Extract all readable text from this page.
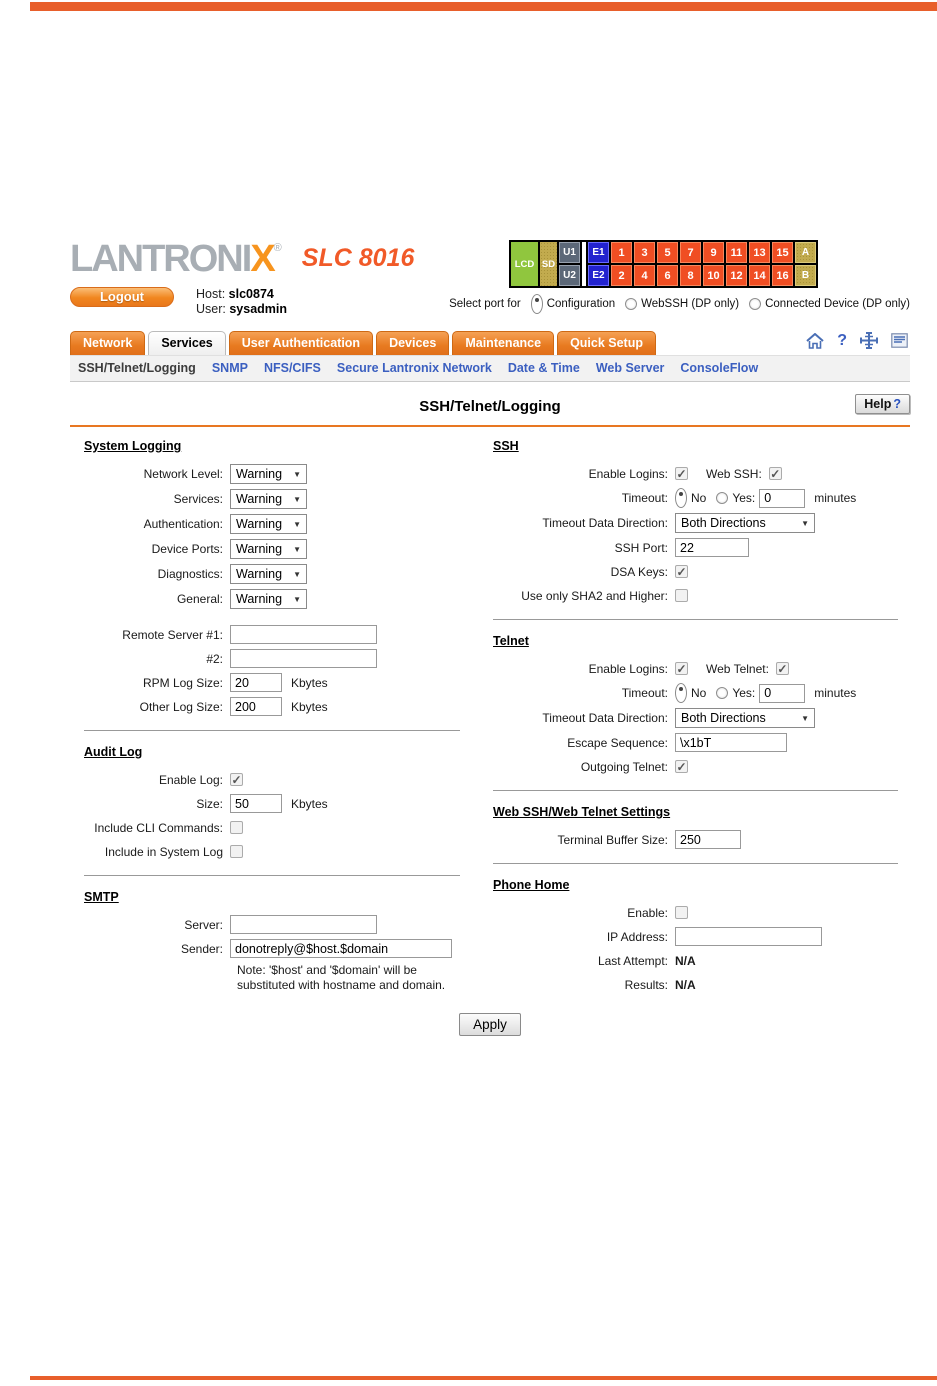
LANTRONI X ® SLC 8016
Logout	Host: slc0874
User: sysadmin
LCD SD
U1
U2
E1
E2
1
2
3
4
5
6
7
8
9
10
11
12
13
14
15
16
A
B
Select port for Configuration WebSSH (DP only) Connected Device (DP only)
Network	Services	User Authentication	Devices	Maintenance	Quick Setup	?
SSH/Telnet/Logging SNMP NFS/CIFS Secure Lantronix Network Date & Time Web Server ConsoleFlow
SSH/Telnet/Logging	Help ?
System Logging
Network Level:	Warning ▼
Services:	Warning ▼
Authentication:	Warning ▼
Device Ports:	Warning ▼
Diagnostics:	Warning ▼
General:	Warning ▼
Remote Server #1:
#2:
RPM Log Size:
20	Kbytes
Other Log Size:
200	Kbytes
Audit Log
Enable Log: ✓
Size:
50	Kbytes
Include CLI Commands:
Include in System Log
SMTP
Server:
Sender:
donotreply@$host.$domain
Note: '$host' and '$domain' will be
substituted with hostname and domain.
SSH
Enable Logins: ✓ Web SSH: ✓
Timeout:	No Yes:
0	minutes
Timeout Data Direction:	Both Directions	▼
SSH Port:
22
DSA Keys: ✓
Use only SHA2 and Higher:
Telnet
Enable Logins: ✓ Web Telnet: ✓
Timeout:	No Yes:
0	minutes
Timeout Data Direction:	Both Directions	▼
Escape Sequence:
\x1bT
Outgoing Telnet: ✓
Web SSH/Web Telnet Settings
Terminal Buffer Size:
250
Phone Home
Enable:
IP Address:
Last Attempt: N/A
Results: N/A
Apply
